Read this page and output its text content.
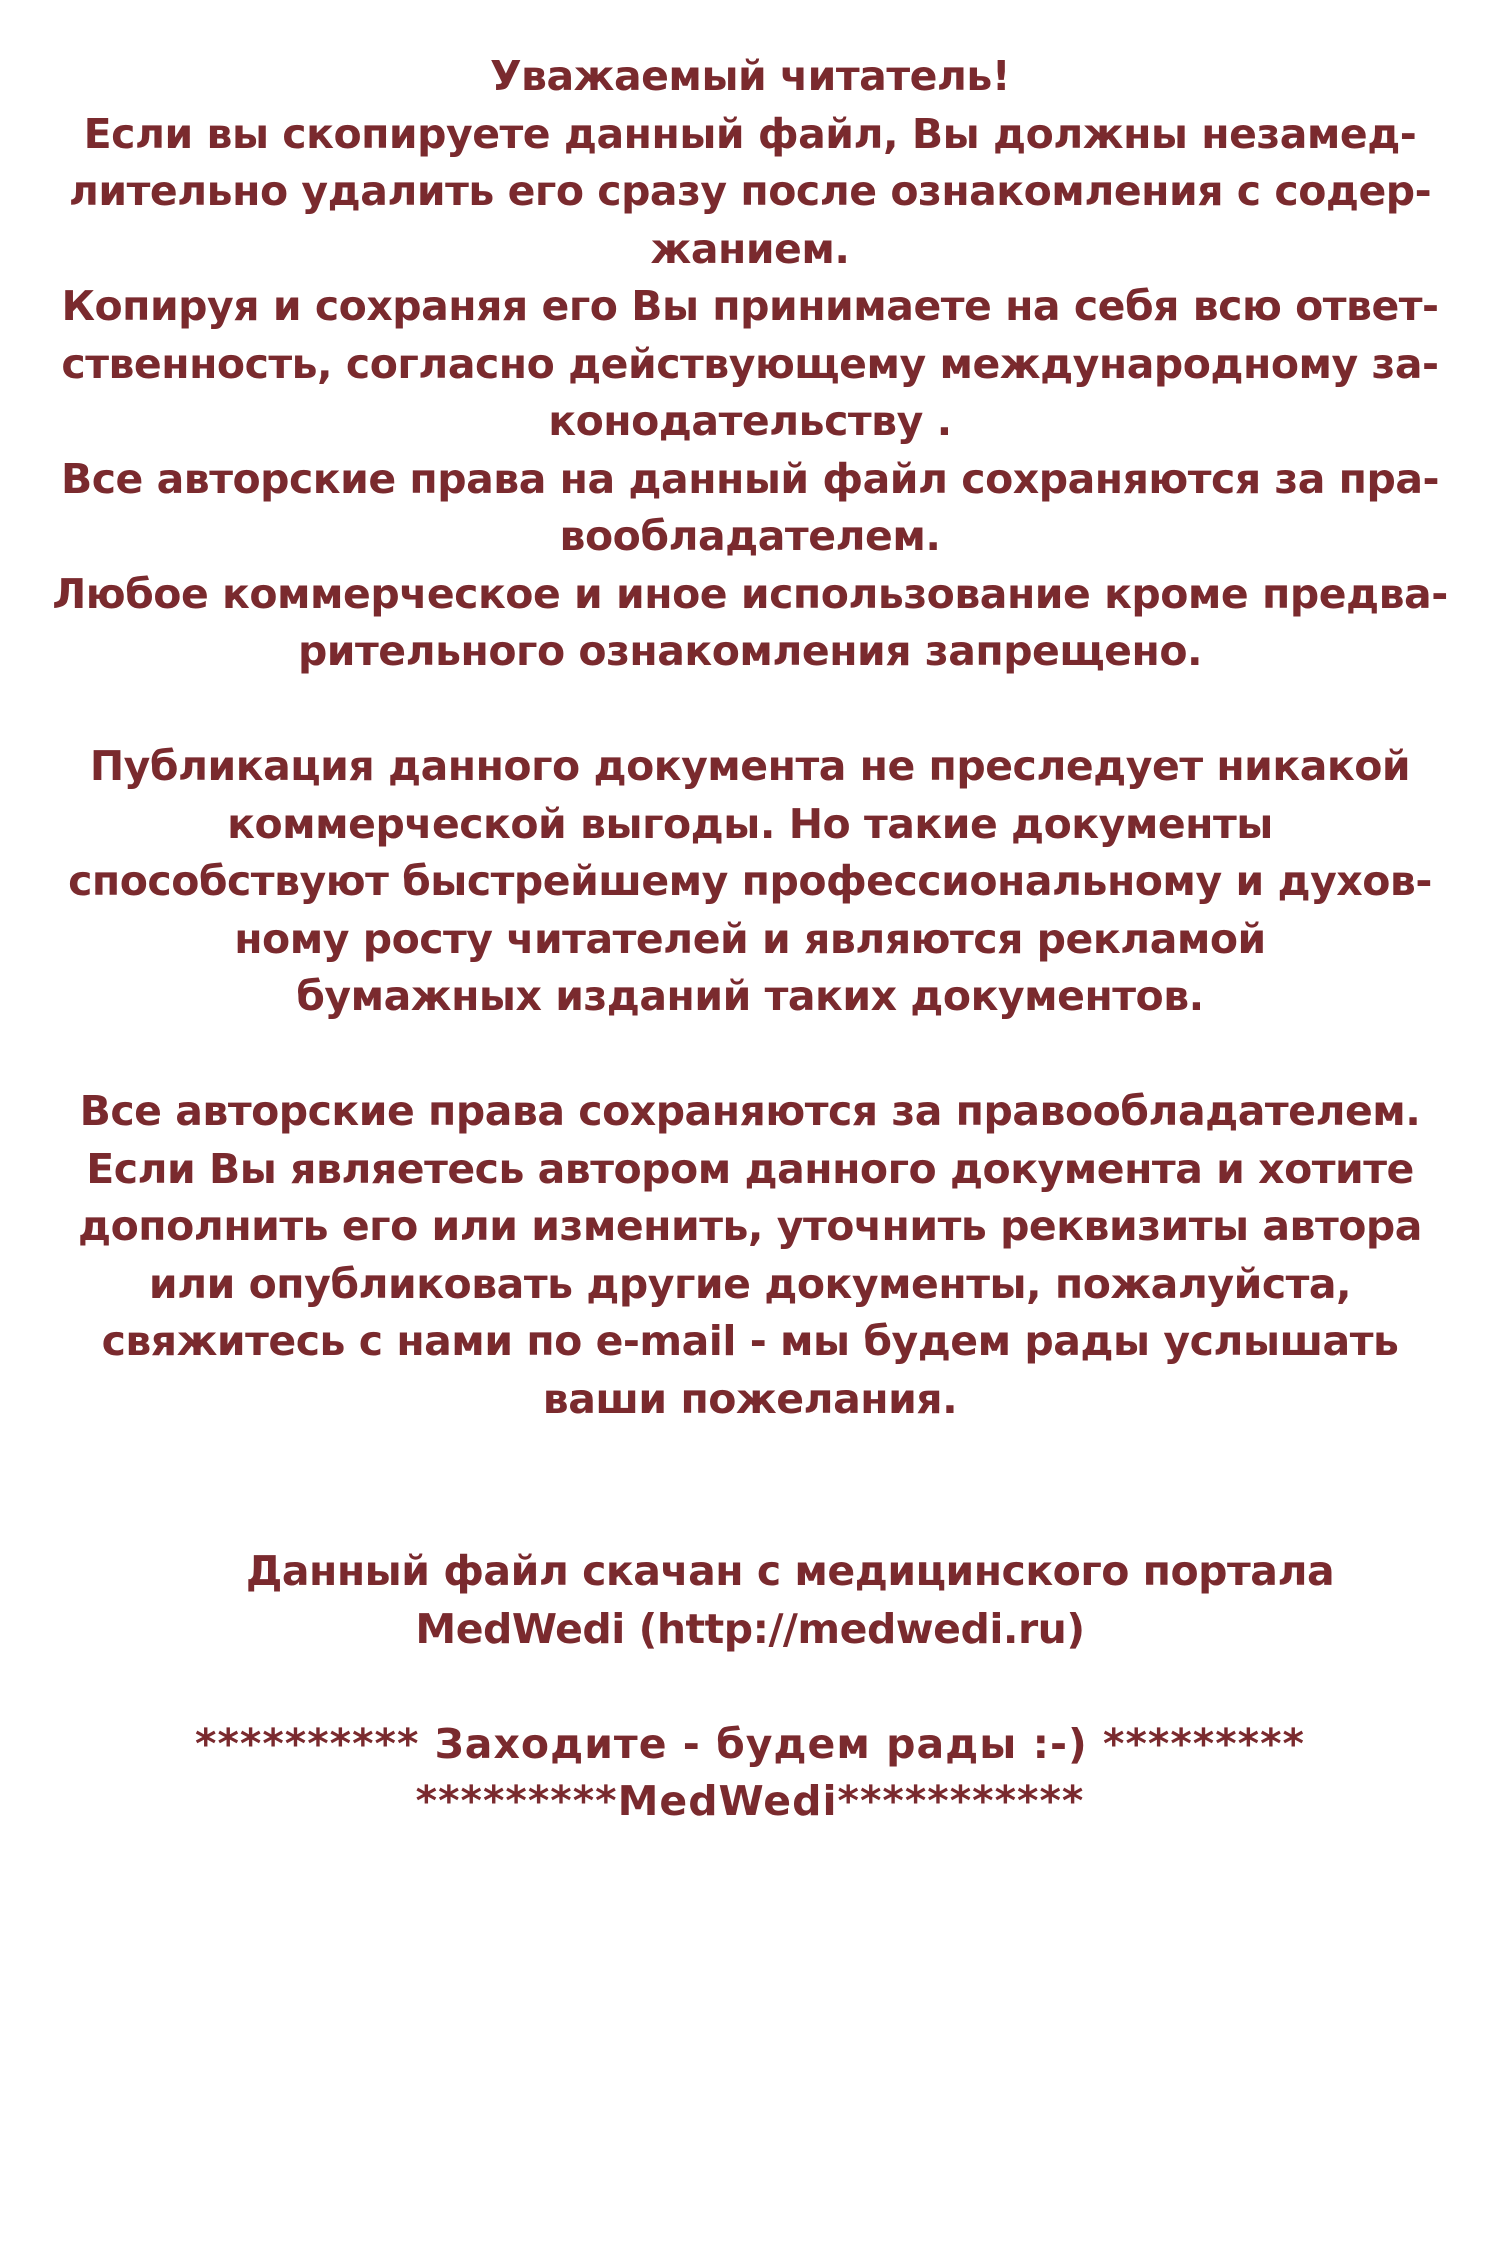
Уважаемый читатель!
Если вы скопируете данный файл, Вы должны незамед-
лительно удалить его сразу после ознакомления с содер-
жанием.
Копируя и сохраняя его Вы принимаете на себя всю ответ-
ственность, согласно действующему международному за-
конодательству .
Все авторские права на данный файл сохраняются за пра-
вообладателем.
Любое коммерческое и иное использование кроме предва-
рительного ознакомления запрещено.
Публикация данного документа не преследует никакой
коммерческой выгоды. Но такие документы
способствуют быстрейшему профессиональному и духов-
ному росту читателей и являются рекламой
бумажных изданий таких документов.
Все авторские права сохраняются за правообладателем.
Если Вы являетесь автором данного документа и хотите
дополнить его или изменить, уточнить реквизиты автора
или опубликовать другие документы, пожалуйста,
свяжитесь с нами по e-mail - мы будем рады услышать
ваши пожелания.
Данный файл скачан с медицинского портала
MedWedi (http://medwedi.ru)
********** Заходите - будем рады :-) *********
*********MedWedi***********
